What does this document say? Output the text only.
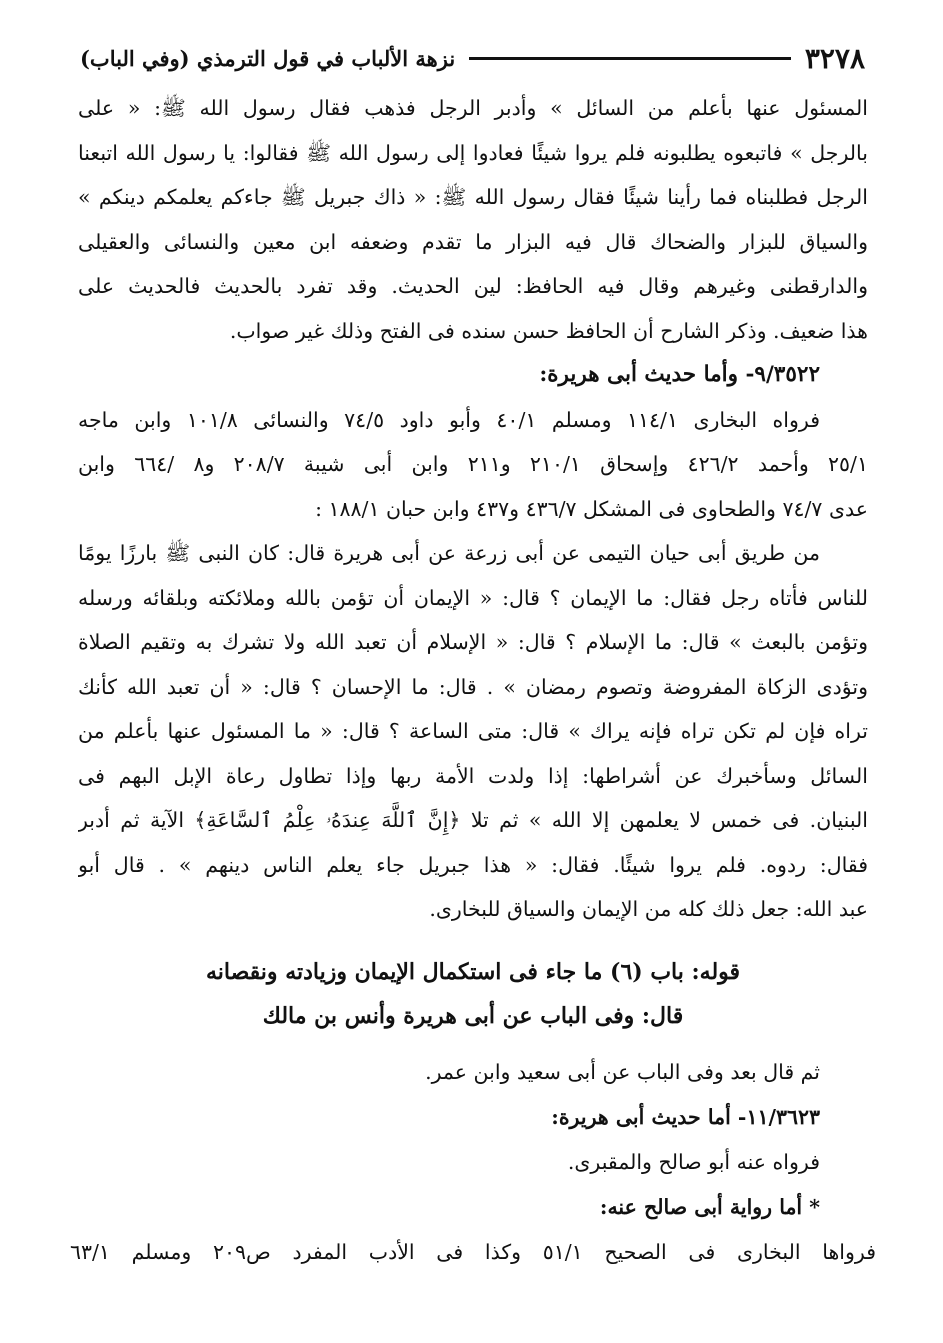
٣٢٧٨
نزهة الألباب في قول الترمذي (وفي الباب)
المسئول عنها بأعلم من السائل » وأدبر الرجل فذهب فقال رسول الله ﷺ: « على
بالرجل » فاتبعوه يطلبونه فلم يروا شيئًا فعادوا إلى رسول الله ﷺ فقالوا: يا رسول الله اتبعنا
الرجل فطلبناه فما رأينا شيئًا فقال رسول الله ﷺ: « ذاك جبريل ﷺ جاءكم يعلمكم دينكم »
والسياق للبزار والضحاك قال فيه البزار ما تقدم وضعفه ابن معين والنسائى والعقيلى
والدارقطنى وغيرهم وقال فيه الحافظ: لين الحديث. وقد تفرد بالحديث فالحديث على
هذا ضعيف. وذكر الشارح أن الحافظ حسن سنده فى الفتح وذلك غير صواب.
٩/٣٥٢٢- وأما حديث أبى هريرة:
فرواه البخارى ١١٤/١ ومسلم ٤٠/١ وأبو داود ٧٤/٥ والنسائى ١٠١/٨ وابن ماجه
٢٥/١ وأحمد ٤٢٦/٢ وإسحاق ٢١٠/١ و٢١١ وابن أبى شيبة ٢٠٨/٧ و٨ /٦٦٤ وابن
عدى ٧٤/٧ والطحاوى فى المشكل ٤٣٦/٧ و٤٣٧ وابن حبان ١٨٨/١ :
من طريق أبى حيان التيمى عن أبى زرعة عن أبى هريرة قال: كان النبى ﷺ بارزًا يومًا
للناس فأتاه رجل فقال: ما الإيمان ؟ قال: « الإيمان أن تؤمن بالله وملائكته وبلقائه ورسله
وتؤمن بالبعث » قال: ما الإسلام ؟ قال: « الإسلام أن تعبد الله ولا تشرك به وتقيم الصلاة
وتؤدى الزكاة المفروضة وتصوم رمضان » . قال: ما الإحسان ؟ قال: « أن تعبد الله كأنك
تراه فإن لم تكن تراه فإنه يراك » قال: متى الساعة ؟ قال: « ما المسئول عنها بأعلم من
السائل وسأخبرك عن أشراطها: إذا ولدت الأمة ربها وإذا تطاول رعاة الإبل البهم فى
البنيان. فى خمس لا يعلمهن إلا الله » ثم تلا ﴿إِنَّ ٱللَّهَ عِندَهُۥ عِلْمُ ٱلسَّاعَةِ﴾ الآية ثم أدبر
فقال: ردوه. فلم يروا شيئًا. فقال: « هذا جبريل جاء يعلم الناس دينهم » . قال أبو
عبد الله: جعل ذلك كله من الإيمان والسياق للبخارى.
قوله: باب (٦) ما جاء فى استكمال الإيمان وزيادته ونقصانه
قال: وفى الباب عن أبى هريرة وأنس بن مالك
ثم قال بعد وفى الباب عن أبى سعيد وابن عمر.
١١/٣٦٢٣- أما حديث أبى هريرة:
فرواه عنه أبو صالح والمقبرى.
* أما رواية أبى صالح عنه:
فرواها البخارى فى الصحيح ٥١/١ وكذا فى الأدب المفرد ص٢٠٩ ومسلم ٦٣/١
